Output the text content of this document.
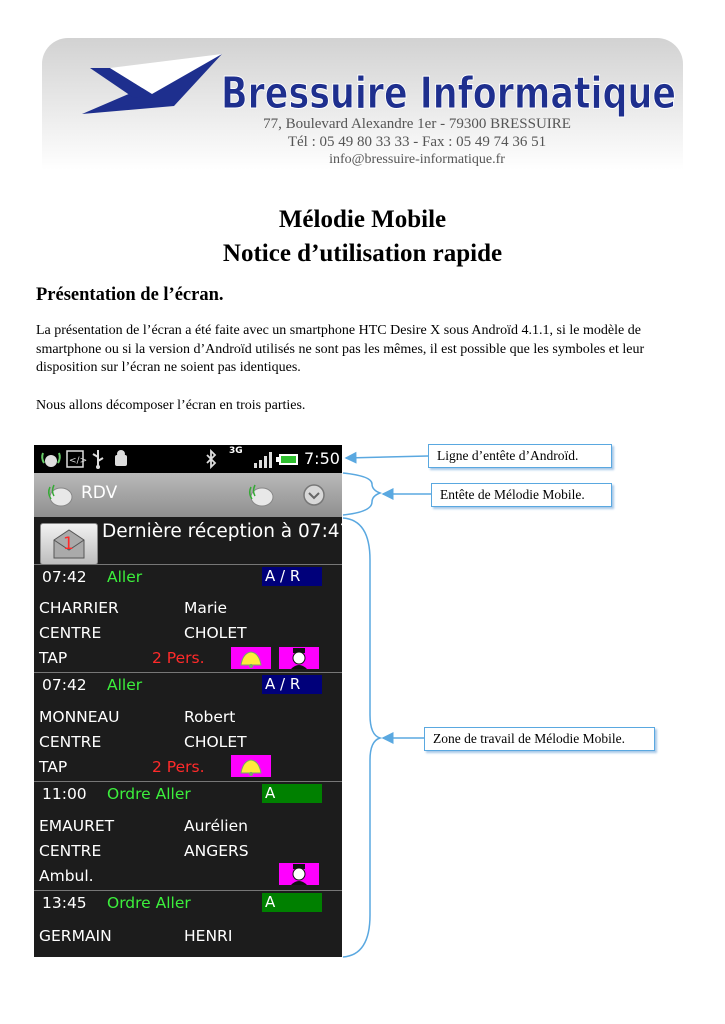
Bressuire Informatique
77, Boulevard Alexandre 1er - 79300 BRESSUIRE
Tél : 05 49 80 33 33 - Fax : 05 49 74 36 51
info@bressuire-informatique.fr
Mélodie Mobile
Notice d’utilisation rapide
Présentation de l’écran.
La présentation de l’écran a été faite avec un smartphone HTC Desire X sous Androïd 4.1.1, si le modèle de smartphone ou si la version d’Androïd utilisés ne sont pas les mêmes, il est possible que les symboles et leur disposition sur l’écran ne soient pas identiques.
Nous allons décomposer l’écran en trois parties.
</>
3G	7:50
RDV
1
Dernière réception à 07:47
07:42 Aller	A / R
CHARRIER	Marie
CENTRE	CHOLET
TAP	2 Pers.
07:42 Aller	A / R
MONNEAU	Robert
CENTRE	CHOLET
TAP	2 Pers.
11:00 Ordre Aller	A
EMAURET	Aurélien
CENTRE	ANGERS
Ambul.
13:45 Ordre Aller	A
GERMAIN	HENRI
Ligne d’entête d’Androïd.
Entête de Mélodie Mobile.
Zone de travail de Mélodie Mobile.
